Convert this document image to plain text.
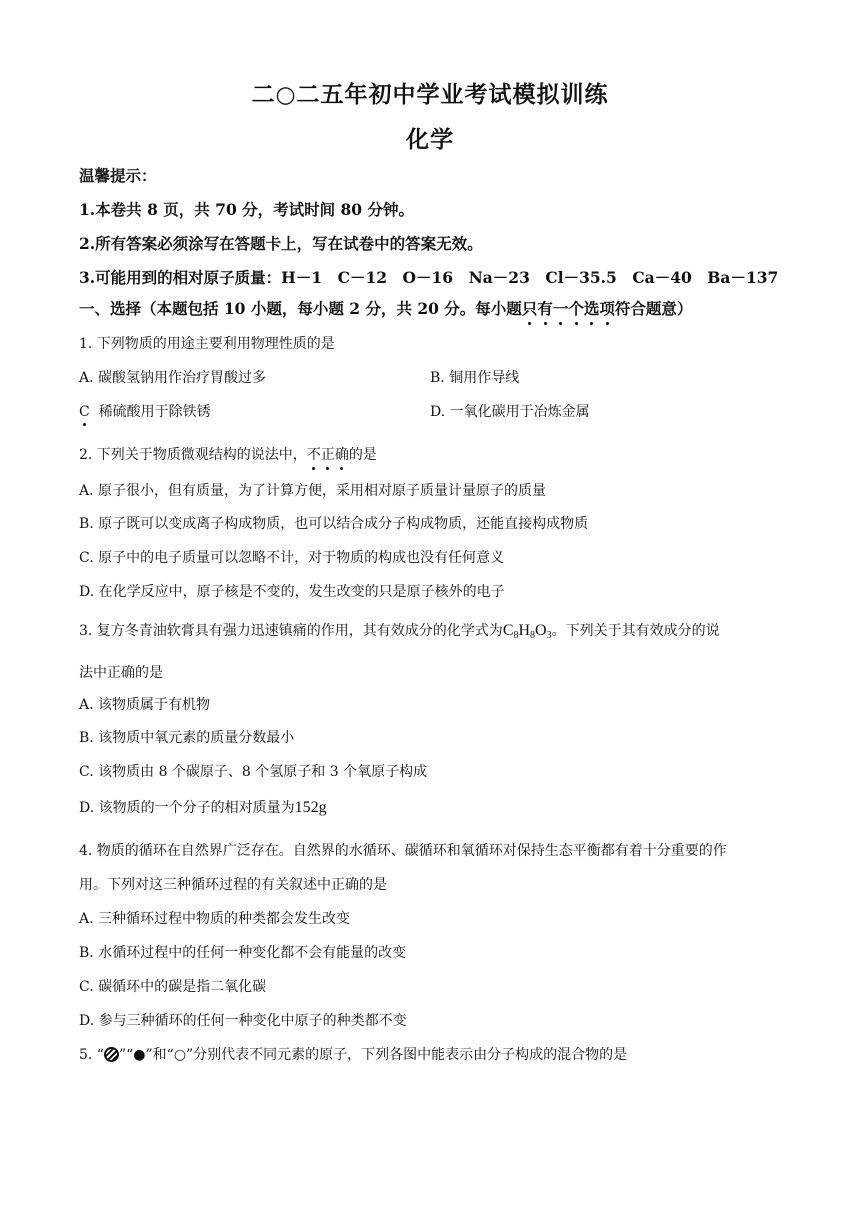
二○二五年初中学业考试模拟训练
化学
温馨提示：
1.本卷共 8 页，共 70 分，考试时间 80 分钟。
2.所有答案必须涂写在答题卡上，写在试卷中的答案无效。
3.可能用到的相对原子质量：H－1　C－12　O－16　Na－23　Cl－35.5　Ca－40　Ba－137
一、选择（本题包括 10 小题，每小题 2 分，共 20 分。每小题只有一个选项符合题意）
1. 下列物质的用途主要利用物理性质的是
A. 碳酸氢钠用作治疗胃酸过多	B. 铜用作导线
C 稀硫酸用于除铁锈	D. 一氧化碳用于冶炼金属
2. 下列关于物质微观结构的说法中，不正确的是
A. 原子很小，但有质量，为了计算方便，采用相对原子质量计量原子的质量
B. 原子既可以变成离子构成物质，也可以结合成分子构成物质，还能直接构成物质
C. 原子中的电子质量可以忽略不计，对于物质的构成也没有任何意义
D. 在化学反应中，原子核是不变的，发生改变的只是原子核外的电子
3. 复方冬青油软膏具有强力迅速镇痛的作用，其有效成分的化学式为$C_8H_8O_3$。下列关于其有效成分的说
法中正确的是
A. 该物质属于有机物
B. 该物质中氧元素的质量分数最小
C. 该物质由 8 个碳原子、8 个氢原子和 3 个氧原子构成
D. 该物质的一个分子的相对质量为152g
4. 物质的循环在自然界广泛存在。自然界的水循环、碳循环和氧循环对保持生态平衡都有着十分重要的作
用。下列对这三种循环过程的有关叙述中正确的是
A. 三种循环过程中物质的种类都会发生改变
B. 水循环过程中的任何一种变化都不会有能量的改变
C. 碳循环中的碳是指二氧化碳
D. 参与三种循环的任何一种变化中原子的种类都不变
5. “ ”“●”和“○”分别代表不同元素的原子，下列各图中能表示由分子构成的混合物的是
